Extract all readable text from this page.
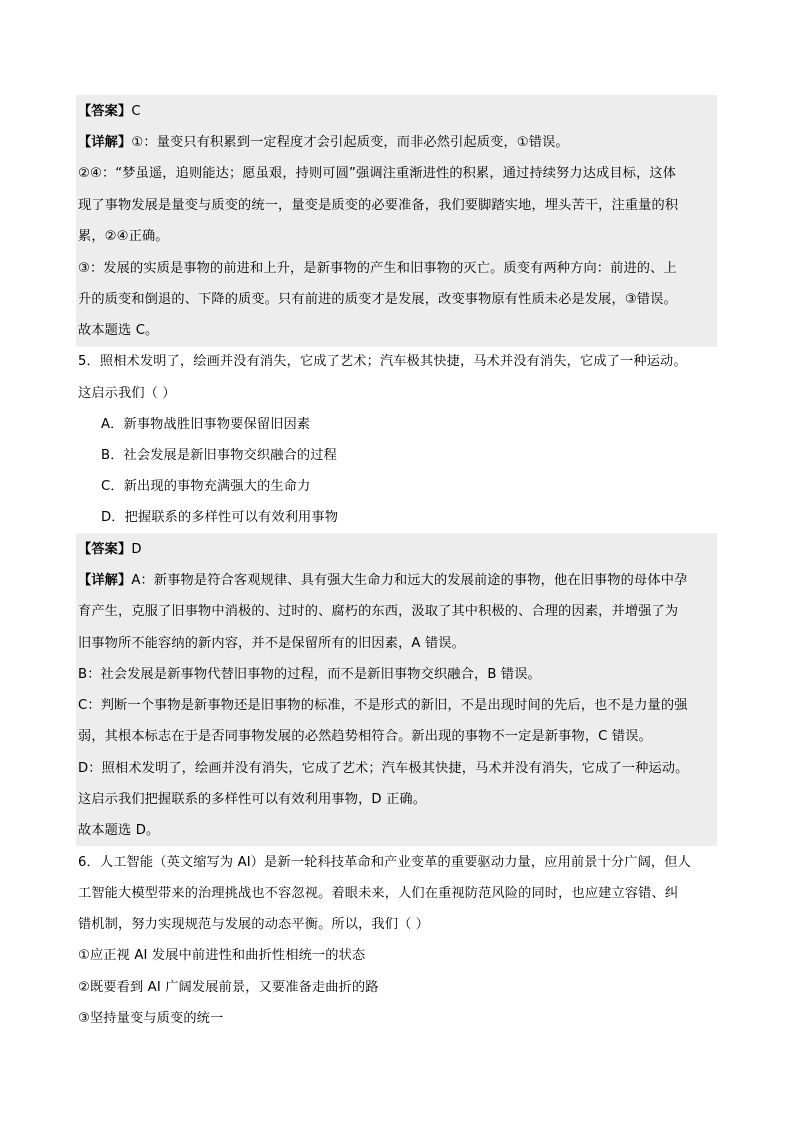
【答案】C
【详解】①：量变只有积累到一定程度才会引起质变，而非必然引起质变，①错误。
②④：“梦虽遥，追则能达；愿虽艰，持则可圆”强调注重渐进性的积累，通过持续努力达成目标，这体
现了事物发展是量变与质变的统一，量变是质变的必要准备，我们要脚踏实地，埋头苦干，注重量的积
累，②④正确。
③：发展的实质是事物的前进和上升，是新事物的产生和旧事物的灭亡。质变有两种方向：前进的、上
升的质变和倒退的、下降的质变。只有前进的质变才是发展，改变事物原有性质未必是发展，③错误。
故本题选 C。
5．照相术发明了，绘画并没有消失，它成了艺术；汽车极其快捷，马术并没有消失，它成了一种运动。
这启示我们（ ）
A．新事物战胜旧事物要保留旧因素
B．社会发展是新旧事物交织融合的过程
C．新出现的事物充满强大的生命力
D．把握联系的多样性可以有效利用事物
【答案】D
【详解】A：新事物是符合客观规律、具有强大生命力和远大的发展前途的事物，他在旧事物的母体中孕
育产生，克服了旧事物中消极的、过时的、腐朽的东西，汲取了其中积极的、合理的因素，并增强了为
旧事物所不能容纳的新内容，并不是保留所有的旧因素，A 错误。
B：社会发展是新事物代替旧事物的过程，而不是新旧事物交织融合，B 错误。
C：判断一个事物是新事物还是旧事物的标准，不是形式的新旧，不是出现时间的先后，也不是力量的强
弱，其根本标志在于是否同事物发展的必然趋势相符合。新出现的事物不一定是新事物，C 错误。
D：照相术发明了，绘画并没有消失，它成了艺术；汽车极其快捷，马术并没有消失，它成了一种运动。
这启示我们把握联系的多样性可以有效利用事物，D 正确。
故本题选 D。
6．人工智能（英文缩写为 AI）是新一轮科技革命和产业变革的重要驱动力量，应用前景十分广阔，但人
工智能大模型带来的治理挑战也不容忽视。着眼未来，人们在重视防范风险的同时，也应建立容错、纠
错机制，努力实现规范与发展的动态平衡。所以，我们（ ）
①应正视 AI 发展中前进性和曲折性相统一的状态
②既要看到 AI 广阔发展前景，又要准备走曲折的路
③坚持量变与质变的统一
